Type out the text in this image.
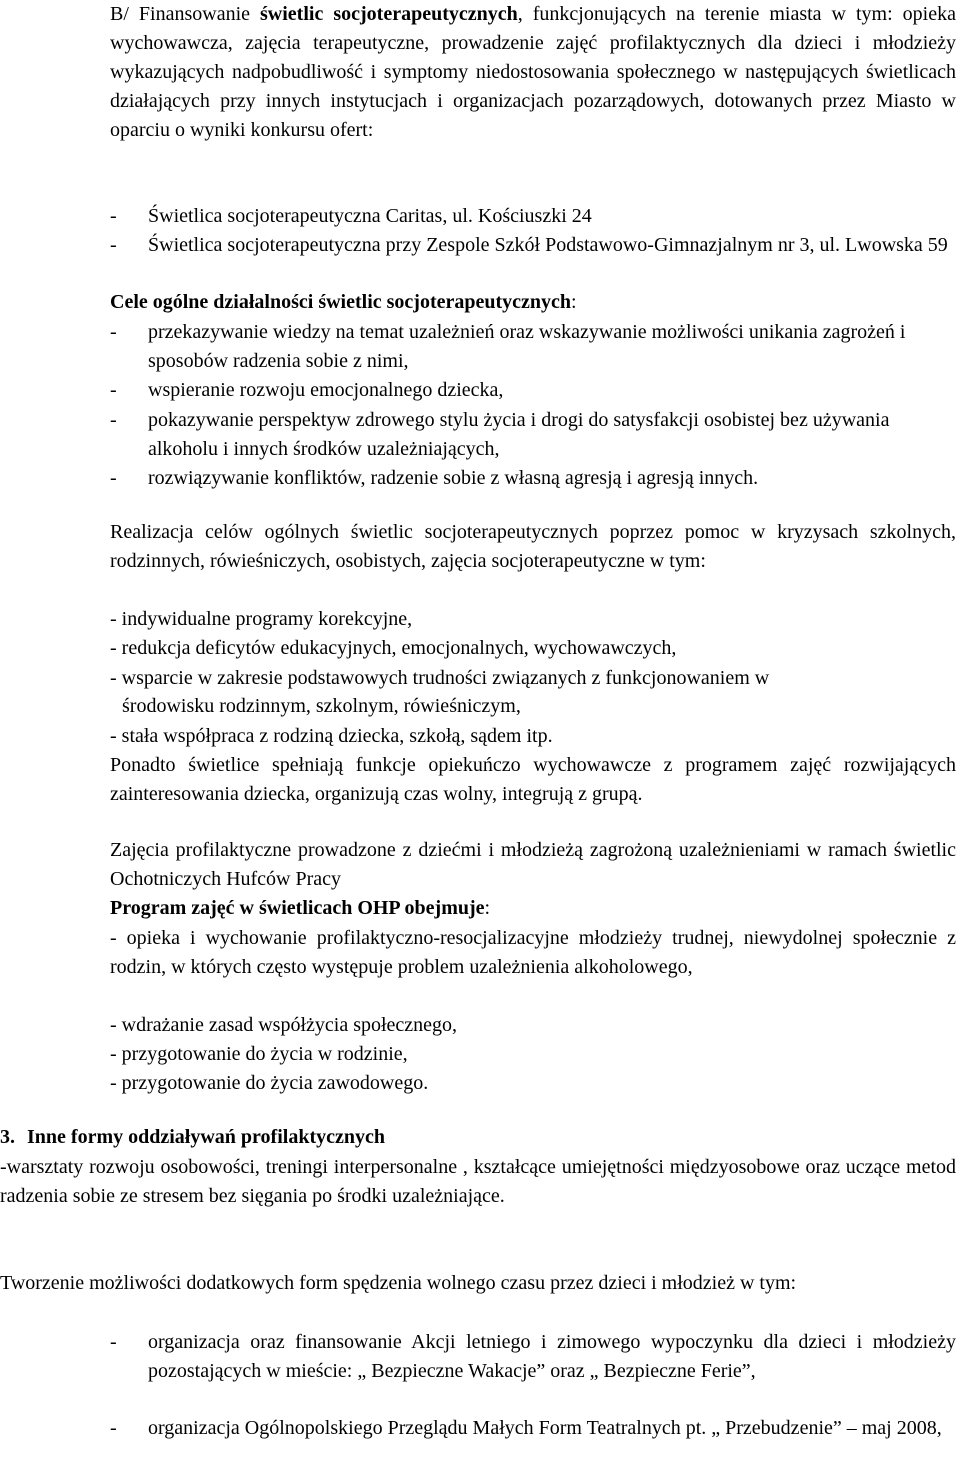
B/ Finansowanie świetlic socjoterapeutycznych, funkcjonujących na terenie miasta w tym: opieka wychowawcza, zajęcia terapeutyczne, prowadzenie zajęć profilaktycznych dla dzieci i młodzieży wykazujących nadpobudliwość i symptomy niedostosowania społecznego w następujących świetlicach działających przy innych instytucjach i organizacjach pozarządowych, dotowanych przez Miasto w oparciu o wyniki konkursu ofert:

-	Świetlica socjoterapeutyczna Caritas, ul. Kościuszki 24
-	Świetlica socjoterapeutyczna przy Zespole Szkół Podstawowo-Gimnazjalnym nr 3, ul. Lwowska 59

Cele ogólne działalności świetlic socjoterapeutycznych:

-	przekazywanie wiedzy na temat uzależnień oraz wskazywanie możliwości unikania zagrożeń i sposobów radzenia sobie z nimi,
-	wspieranie rozwoju emocjonalnego dziecka,
-	pokazywanie perspektyw zdrowego stylu życia i drogi do satysfakcji osobistej bez używania alkoholu i innych środków uzależniających,
-	rozwiązywanie konfliktów, radzenie sobie z własną agresją i agresją innych.

Realizacja celów ogólnych świetlic socjoterapeutycznych poprzez pomoc w kryzysach szkolnych, rodzinnych, rówieśniczych, osobistych, zajęcia socjoterapeutyczne w tym:

- indywidualne programy korekcyjne,

- redukcja deficytów edukacyjnych, emocjonalnych, wychowawczych,

- wsparcie w zakresie podstawowych trudności związanych z funkcjonowaniem w

środowisku rodzinnym, szkolnym, rówieśniczym,

- stała współpraca z rodziną dziecka, szkołą, sądem itp.

Ponadto świetlice spełniają funkcje opiekuńczo wychowawcze z programem zajęć rozwijających zainteresowania dziecka, organizują czas wolny, integrują z grupą.

Zajęcia profilaktyczne prowadzone z dziećmi i młodzieżą zagrożoną uzależnieniami w ramach świetlic Ochotniczych Hufców Pracy

Program zajęć w świetlicach OHP obejmuje:

- opieka i wychowanie profilaktyczno-resocjalizacyjne młodzieży trudnej, niewydolnej społecznie z rodzin, w których często występuje problem uzależnienia alkoholowego,

- wdrażanie zasad współżycia społecznego,

- przygotowanie do życia w rodzinie,

- przygotowanie do życia zawodowego.

3. Inne formy oddziaływań profilaktycznych

-warsztaty rozwoju osobowości, treningi interpersonalne , kształcące umiejętności międzyosobowe oraz uczące metod radzenia sobie ze stresem bez sięgania po środki uzależniające.

Tworzenie możliwości dodatkowych form spędzenia wolnego czasu przez dzieci i młodzież w tym:

-	organizacja oraz finansowanie Akcji letniego i zimowego wypoczynku dla dzieci i młodzieży pozostających w mieście: „ Bezpieczne Wakacje” oraz „ Bezpieczne Ferie”,
-	organizacja Ogólnopolskiego Przeglądu Małych Form Teatralnych pt. „ Przebudzenie” – maj 2008,
